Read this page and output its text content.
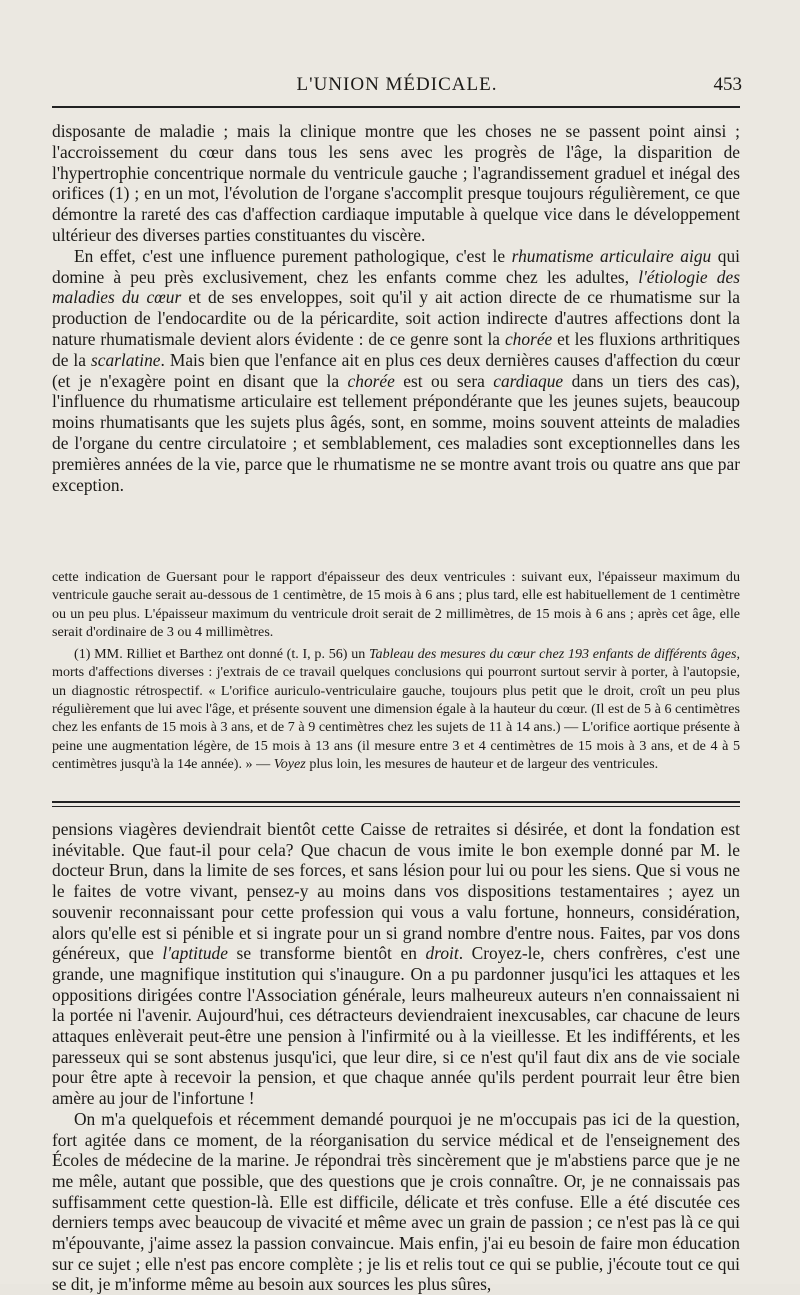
L'UNION MÉDICALE.	453

disposante de maladie ; mais la clinique montre que les choses ne se passent point ainsi ; l'accroissement du cœur dans tous les sens avec les progrès de l'âge, la disparition de l'hypertrophie concentrique normale du ventricule gauche ; l'agrandissement graduel et inégal des orifices (1) ; en un mot, l'évolution de l'organe s'accomplit presque toujours régulièrement, ce que démontre la rareté des cas d'affection cardiaque imputable à quelque vice dans le développement ultérieur des diverses parties constituantes du viscère.

En effet, c'est une influence purement pathologique, c'est le rhumatisme articulaire aigu qui domine à peu près exclusivement, chez les enfants comme chez les adultes, l'étiologie des maladies du cœur et de ses enveloppes, soit qu'il y ait action directe de ce rhumatisme sur la production de l'endocardite ou de la péricardite, soit action indirecte d'autres affections dont la nature rhumatismale devient alors évidente : de ce genre sont la chorée et les fluxions arthritiques de la scarlatine. Mais bien que l'enfance ait en plus ces deux dernières causes d'affection du cœur (et je n'exagère point en disant que la chorée est ou sera cardiaque dans un tiers des cas), l'influence du rhumatisme articulaire est tellement prépondérante que les jeunes sujets, beaucoup moins rhumatisants que les sujets plus âgés, sont, en somme, moins souvent atteints de maladies de l'organe du centre circulatoire ; et semblablement, ces maladies sont exceptionnelles dans les premières années de la vie, parce que le rhumatisme ne se montre avant trois ou quatre ans que par exception.

cette indication de Guersant pour le rapport d'épaisseur des deux ventricules : suivant eux, l'épaisseur maximum du ventricule gauche serait au-dessous de 1 centimètre, de 15 mois à 6 ans ; plus tard, elle est habituellement de 1 centimètre ou un peu plus. L'épaisseur maximum du ventricule droit serait de 2 millimètres, de 15 mois à 6 ans ; après cet âge, elle serait d'ordinaire de 3 ou 4 millimètres.

(1) MM. Rilliet et Barthez ont donné (t. I, p. 56) un Tableau des mesures du cœur chez 193 enfants de différents âges, morts d'affections diverses : j'extrais de ce travail quelques conclusions qui pourront surtout servir à porter, à l'autopsie, un diagnostic rétrospectif. « L'orifice auriculo-ventriculaire gauche, toujours plus petit que le droit, croît un peu plus régulièrement que lui avec l'âge, et présente souvent une dimension égale à la hauteur du cœur. (Il est de 5 à 6 centimètres chez les enfants de 15 mois à 3 ans, et de 7 à 9 centimètres chez les sujets de 11 à 14 ans.) — L'orifice aortique présente à peine une augmentation légère, de 15 mois à 13 ans (il mesure entre 3 et 4 centimètres de 15 mois à 3 ans, et de 4 à 5 centimètres jusqu'à la 14e année). » — Voyez plus loin, les mesures de hauteur et de largeur des ventricules.

pensions viagères deviendrait bientôt cette Caisse de retraites si désirée, et dont la fondation est inévitable. Que faut-il pour cela? Que chacun de vous imite le bon exemple donné par M. le docteur Brun, dans la limite de ses forces, et sans lésion pour lui ou pour les siens. Que si vous ne le faites de votre vivant, pensez-y au moins dans vos dispositions testamentaires ; ayez un souvenir reconnaissant pour cette profession qui vous a valu fortune, honneurs, considération, alors qu'elle est si pénible et si ingrate pour un si grand nombre d'entre nous. Faites, par vos dons généreux, que l'aptitude se transforme bientôt en droit. Croyez-le, chers confrères, c'est une grande, une magnifique institution qui s'inaugure. On a pu pardonner jusqu'ici les attaques et les oppositions dirigées contre l'Association générale, leurs malheureux auteurs n'en connaissaient ni la portée ni l'avenir. Aujourd'hui, ces détracteurs deviendraient inexcusables, car chacune de leurs attaques enlèverait peut-être une pension à l'infirmité ou à la vieillesse. Et les indifférents, et les paresseux qui se sont abstenus jusqu'ici, que leur dire, si ce n'est qu'il faut dix ans de vie sociale pour être apte à recevoir la pension, et que chaque année qu'ils perdent pourrait leur être bien amère au jour de l'infortune !

On m'a quelquefois et récemment demandé pourquoi je ne m'occupais pas ici de la question, fort agitée dans ce moment, de la réorganisation du service médical et de l'enseignement des Écoles de médecine de la marine. Je répondrai très sincèrement que je m'abstiens parce que je ne me mêle, autant que possible, que des questions que je crois connaître. Or, je ne connaissais pas suffisamment cette question-là. Elle est difficile, délicate et très confuse. Elle a été discutée ces derniers temps avec beaucoup de vivacité et même avec un grain de passion ; ce n'est pas là ce qui m'épouvante, j'aime assez la passion convaincue. Mais enfin, j'ai eu besoin de faire mon éducation sur ce sujet ; elle n'est pas encore complète ; je lis et relis tout ce qui se publie, j'écoute tout ce qui se dit, je m'informe même au besoin aux sources les plus sûres,
